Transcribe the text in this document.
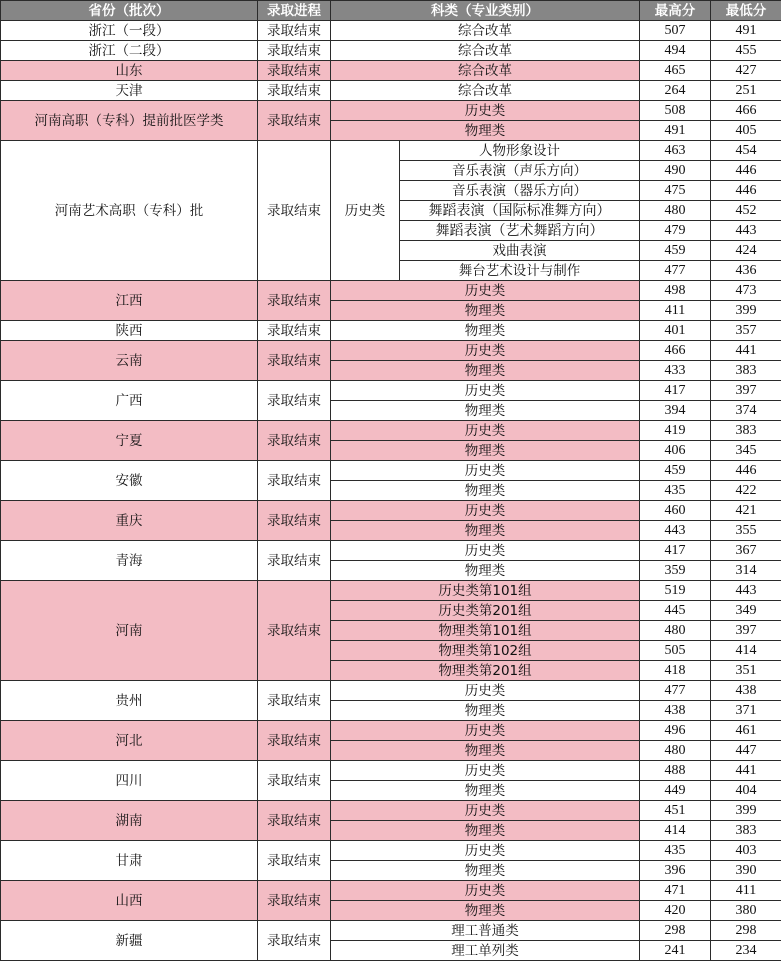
省份（批次）	录取进程	科类（专业类别）		最高分	最低分
浙江（一段）	录取结束	综合改革		507	491
浙江（二段）	录取结束	综合改革		494	455
山东	录取结束	综合改革		465	427
天津	录取结束	综合改革		264	251
河南高职（专科）提前批医学类	录取结束	历史类		508	466
		物理类		491	405
河南艺术高职（专科）批	录取结束	历史类	人物形象设计	463	454
			音乐表演（声乐方向）	490	446
			音乐表演（器乐方向）	475	446
			舞蹈表演（国际标准舞方向）	480	452
			舞蹈表演（艺术舞蹈方向）	479	443
			戏曲表演	459	424
			舞台艺术设计与制作	477	436
江西	录取结束	历史类		498	473
		物理类		411	399
陕西	录取结束	物理类		401	357
云南	录取结束	历史类		466	441
		物理类		433	383
广西	录取结束	历史类		417	397
		物理类		394	374
宁夏	录取结束	历史类		419	383
		物理类		406	345
安徽	录取结束	历史类		459	446
		物理类		435	422
重庆	录取结束	历史类		460	421
		物理类		443	355
青海	录取结束	历史类		417	367
		物理类		359	314
河南	录取结束	历史类第101组		519	443
		历史类第201组		445	349
		物理类第101组		480	397
		物理类第102组		505	414
		物理类第201组		418	351
贵州	录取结束	历史类		477	438
		物理类		438	371
河北	录取结束	历史类		496	461
		物理类		480	447
四川	录取结束	历史类		488	441
		物理类		449	404
湖南	录取结束	历史类		451	399
		物理类		414	383
甘肃	录取结束	历史类		435	403
		物理类		396	390
山西	录取结束	历史类		471	411
		物理类		420	380
新疆	录取结束	理工普通类		298	298
		理工单列类		241	234
